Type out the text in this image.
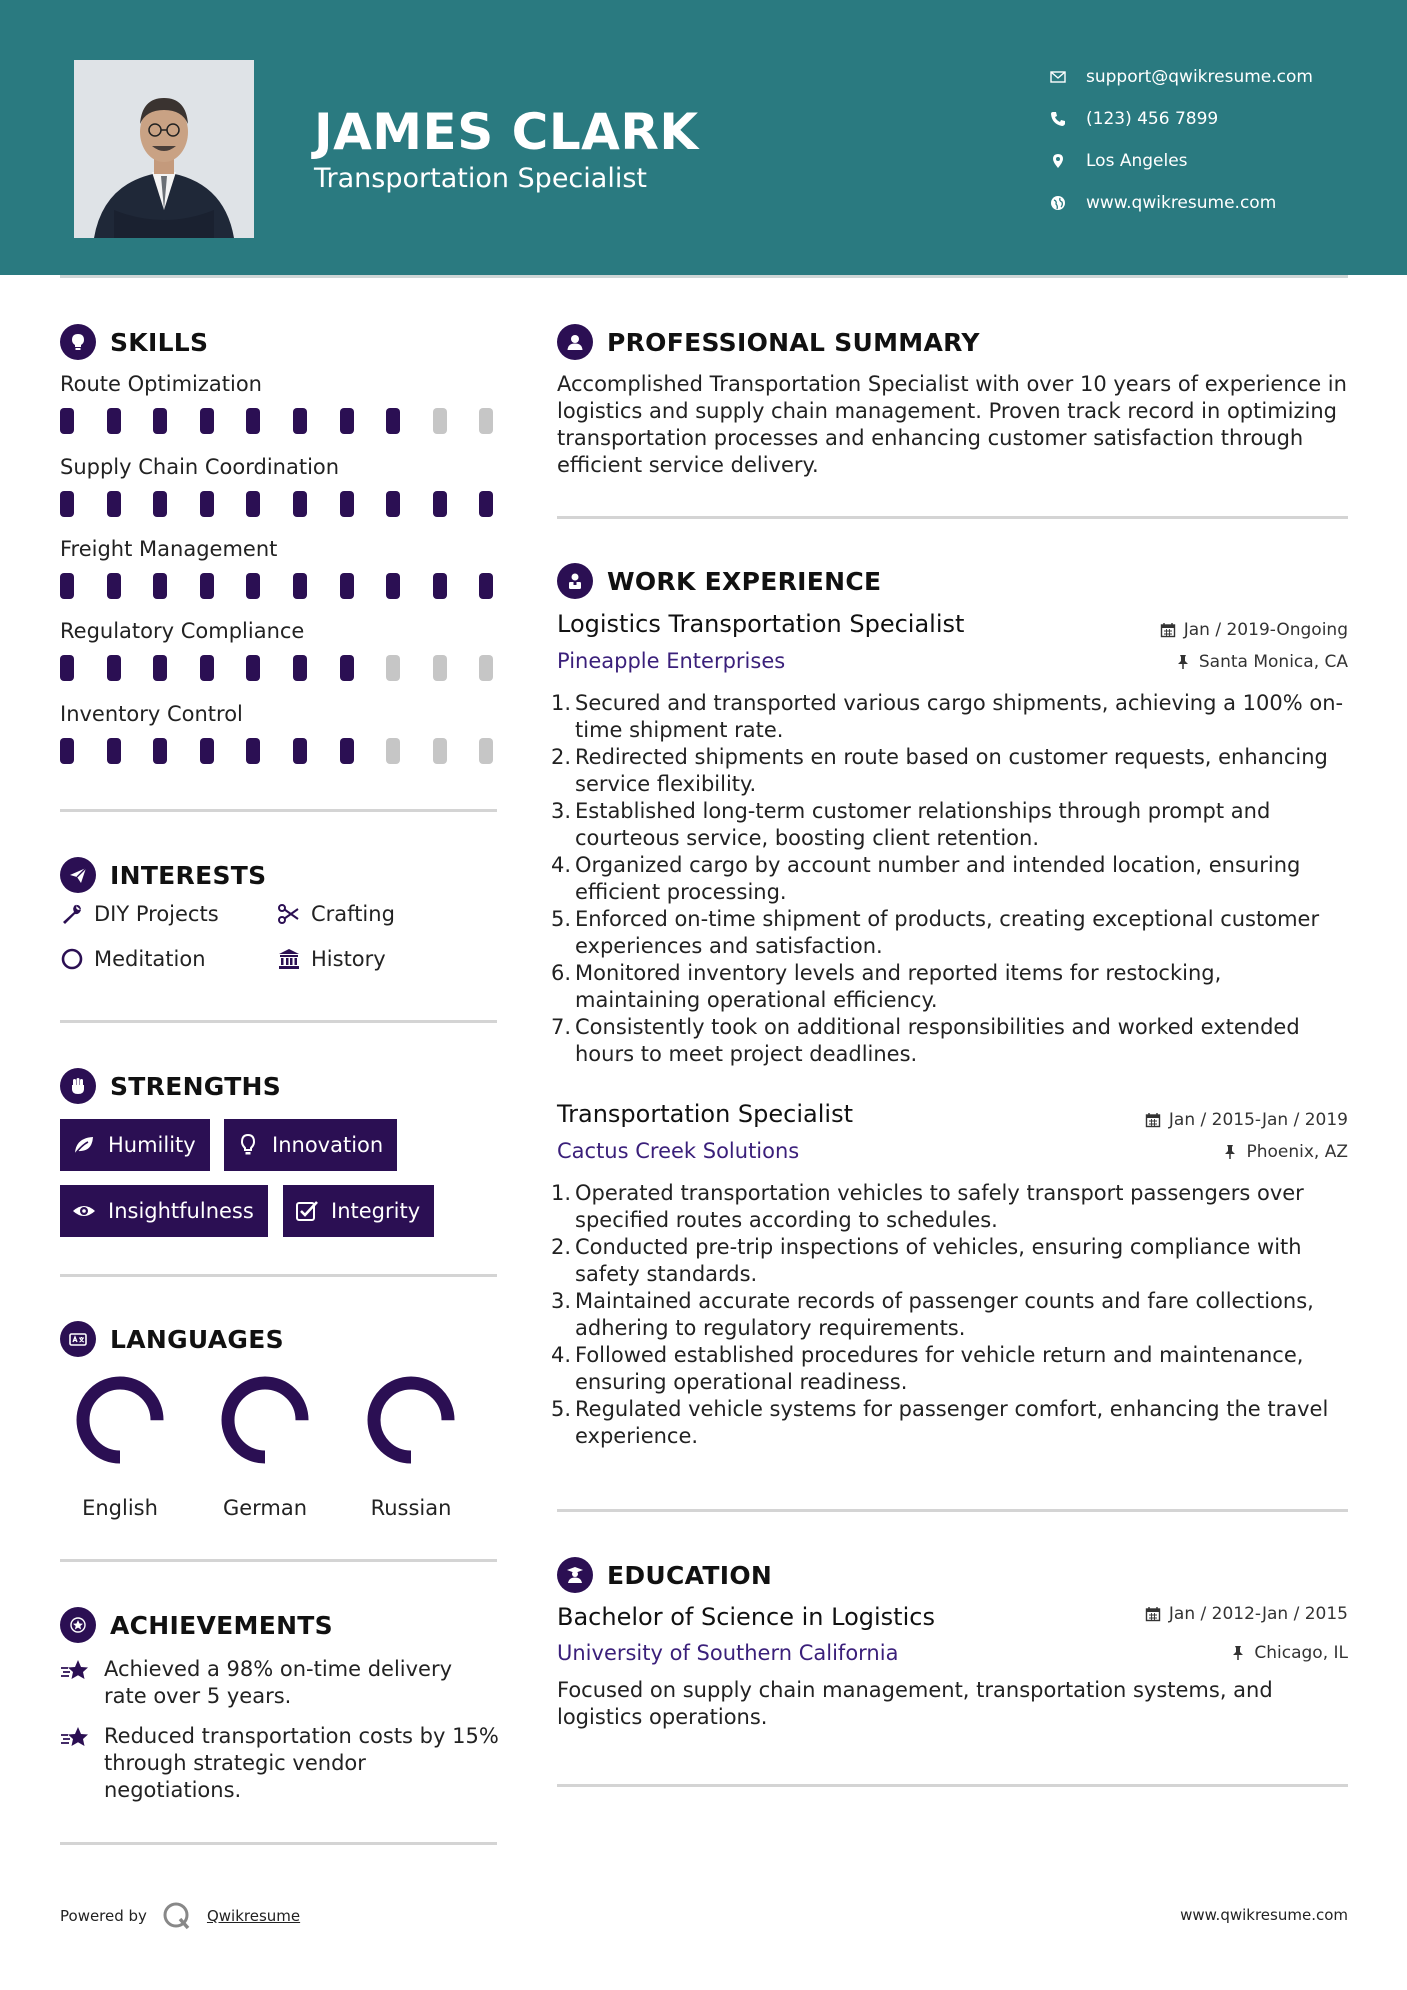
JAMES CLARK
Transportation Specialist
support@qwikresume.com
(123) 456 7899
Los Angeles
www.qwikresume.com
SKILLS
Route Optimization
Supply Chain Coordination
Freight Management
Regulatory Compliance
Inventory Control
INTERESTS
DIY Projects	Crafting
Meditation	History
STRENGTHS
Humility	Innovation
Insightfulness	Integrity
LANGUAGES
English	German	Russian
ACHIEVEMENTS
Achieved a 98% on-time delivery rate over 5 years.
Reduced transportation costs by 15% through strategic vendor negotiations.
PROFESSIONAL SUMMARY
Accomplished Transportation Specialist with over 10 years of experience in logistics and supply chain management. Proven track record in optimizing transportation processes and enhancing customer satisfaction through efficient service delivery.
WORK EXPERIENCE
Logistics Transportation Specialist	Jan / 2019-Ongoing
Pineapple Enterprises	Santa Monica, CA
1. Secured and transported various cargo shipments, achieving a 100% on-time shipment rate.
2. Redirected shipments en route based on customer requests, enhancing service flexibility.
3. Established long-term customer relationships through prompt and courteous service, boosting client retention.
4. Organized cargo by account number and intended location, ensuring efficient processing.
5. Enforced on-time shipment of products, creating exceptional customer experiences and satisfaction.
6. Monitored inventory levels and reported items for restocking, maintaining operational efficiency.
7. Consistently took on additional responsibilities and worked extended hours to meet project deadlines.
Transportation Specialist	Jan / 2015-Jan / 2019
Cactus Creek Solutions	Phoenix, AZ
1. Operated transportation vehicles to safely transport passengers over specified routes according to schedules.
2. Conducted pre-trip inspections of vehicles, ensuring compliance with safety standards.
3. Maintained accurate records of passenger counts and fare collections, adhering to regulatory requirements.
4. Followed established procedures for vehicle return and maintenance, ensuring operational readiness.
5. Regulated vehicle systems for passenger comfort, enhancing the travel experience.
EDUCATION
Bachelor of Science in Logistics	Jan / 2012-Jan / 2015
University of Southern California	Chicago, IL
Focused on supply chain management, transportation systems, and logistics operations.
Powered by	Qwikresume	www.qwikresume.com
